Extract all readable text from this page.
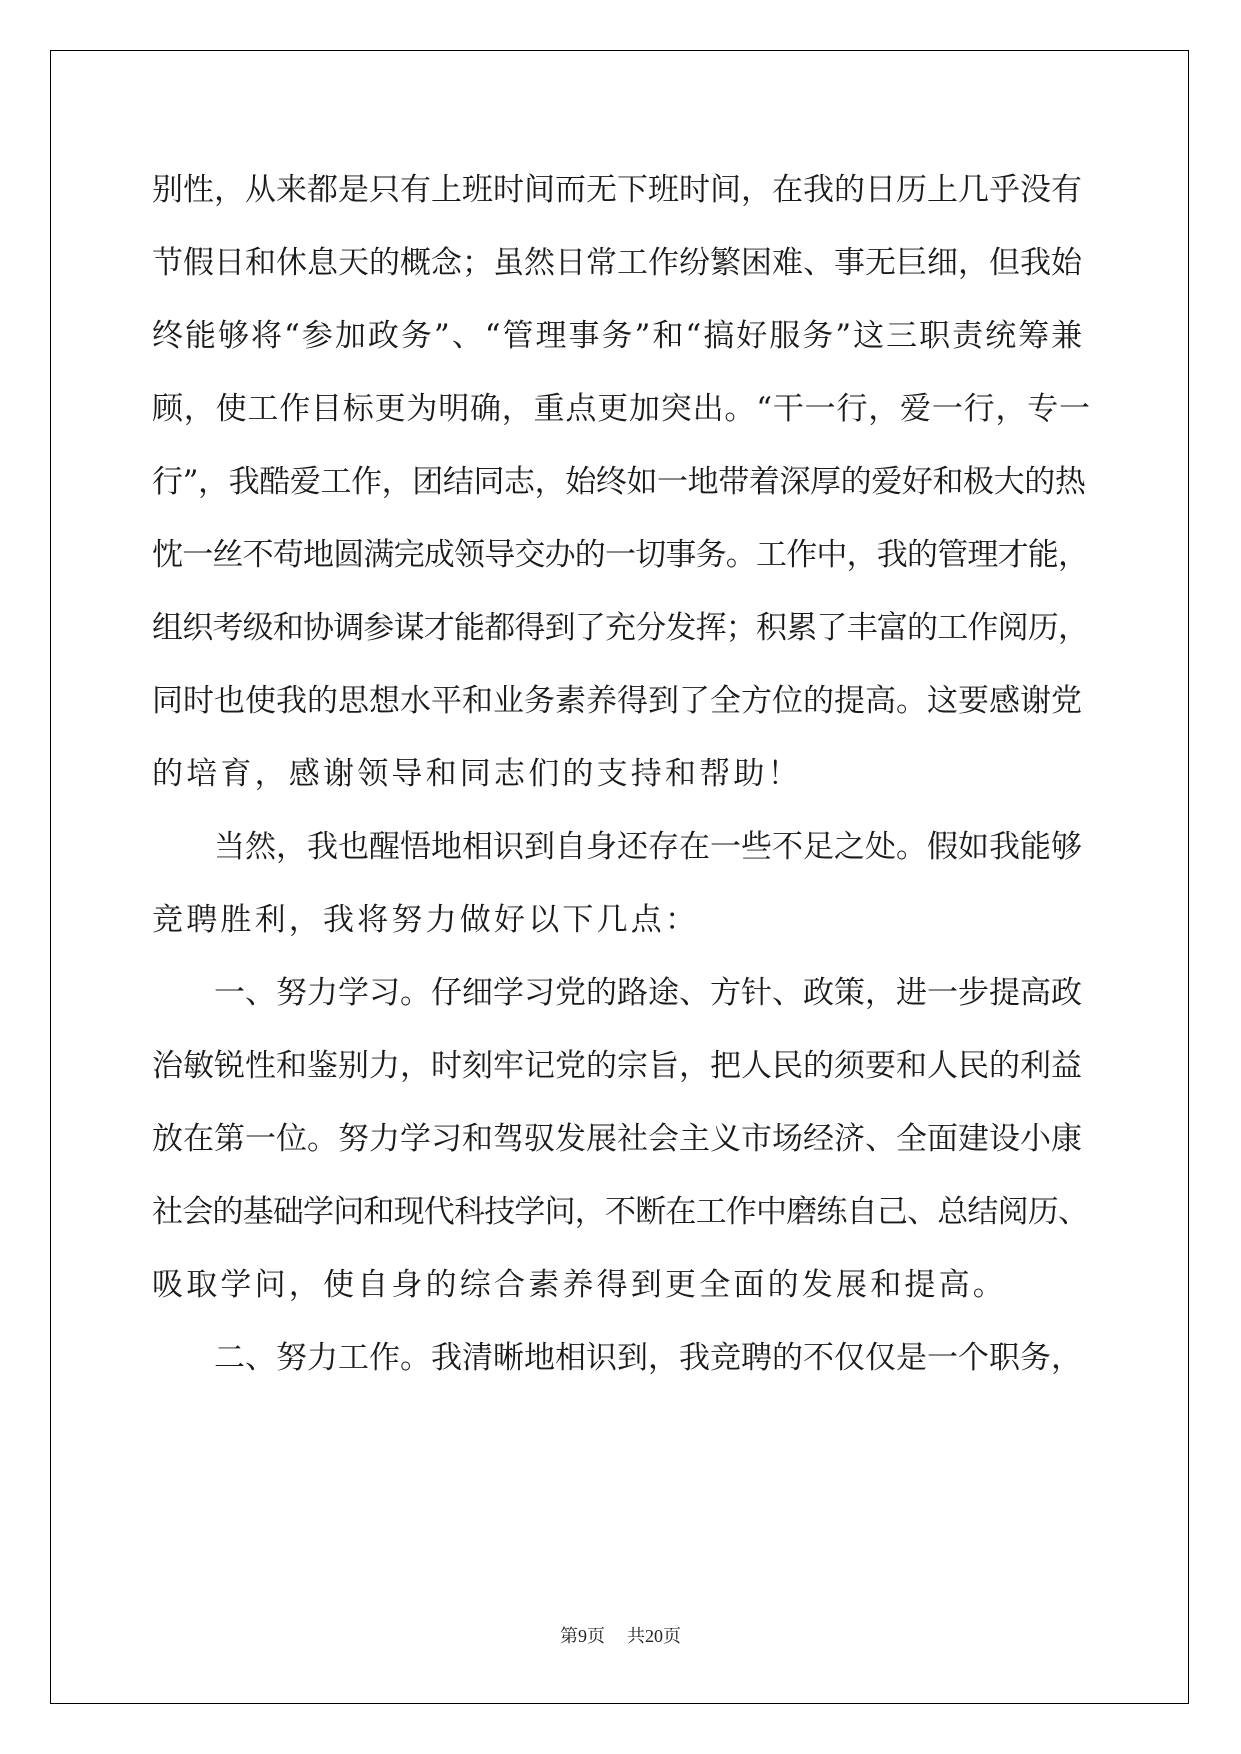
别性，从来都是只有上班时间而无下班时间，在我的日历上几乎没有
节假日和休息天的概念；虽然日常工作纷繁困难、事无巨细，但我始
终能够将“参加政务”、“管理事务”和“搞好服务”这三职责统筹兼
顾，使工作目标更为明确，重点更加突出。“干一行，爱一行，专一
行”，我酷爱工作，团结同志，始终如一地带着深厚的爱好和极大的热
忱一丝不苟地圆满完成领导交办的一切事务。工作中，我的管理才能，
组织考级和协调参谋才能都得到了充分发挥；积累了丰富的工作阅历，
同时也使我的思想水平和业务素养得到了全方位的提高。这要感谢党
的培育，感谢领导和同志们的支持和帮助！
当然，我也醒悟地相识到自身还存在一些不足之处。假如我能够
竞聘胜利，我将努力做好以下几点：
一、努力学习。仔细学习党的路途、方针、政策，进一步提高政
治敏锐性和鉴别力，时刻牢记党的宗旨，把人民的须要和人民的利益
放在第一位。努力学习和驾驭发展社会主义市场经济、全面建设小康
社会的基础学问和现代科技学问，不断在工作中磨练自己、总结阅历、
吸取学问，使自身的综合素养得到更全面的发展和提高。
二、努力工作。我清晰地相识到，我竞聘的不仅仅是一个职务，
第9页 共20页
